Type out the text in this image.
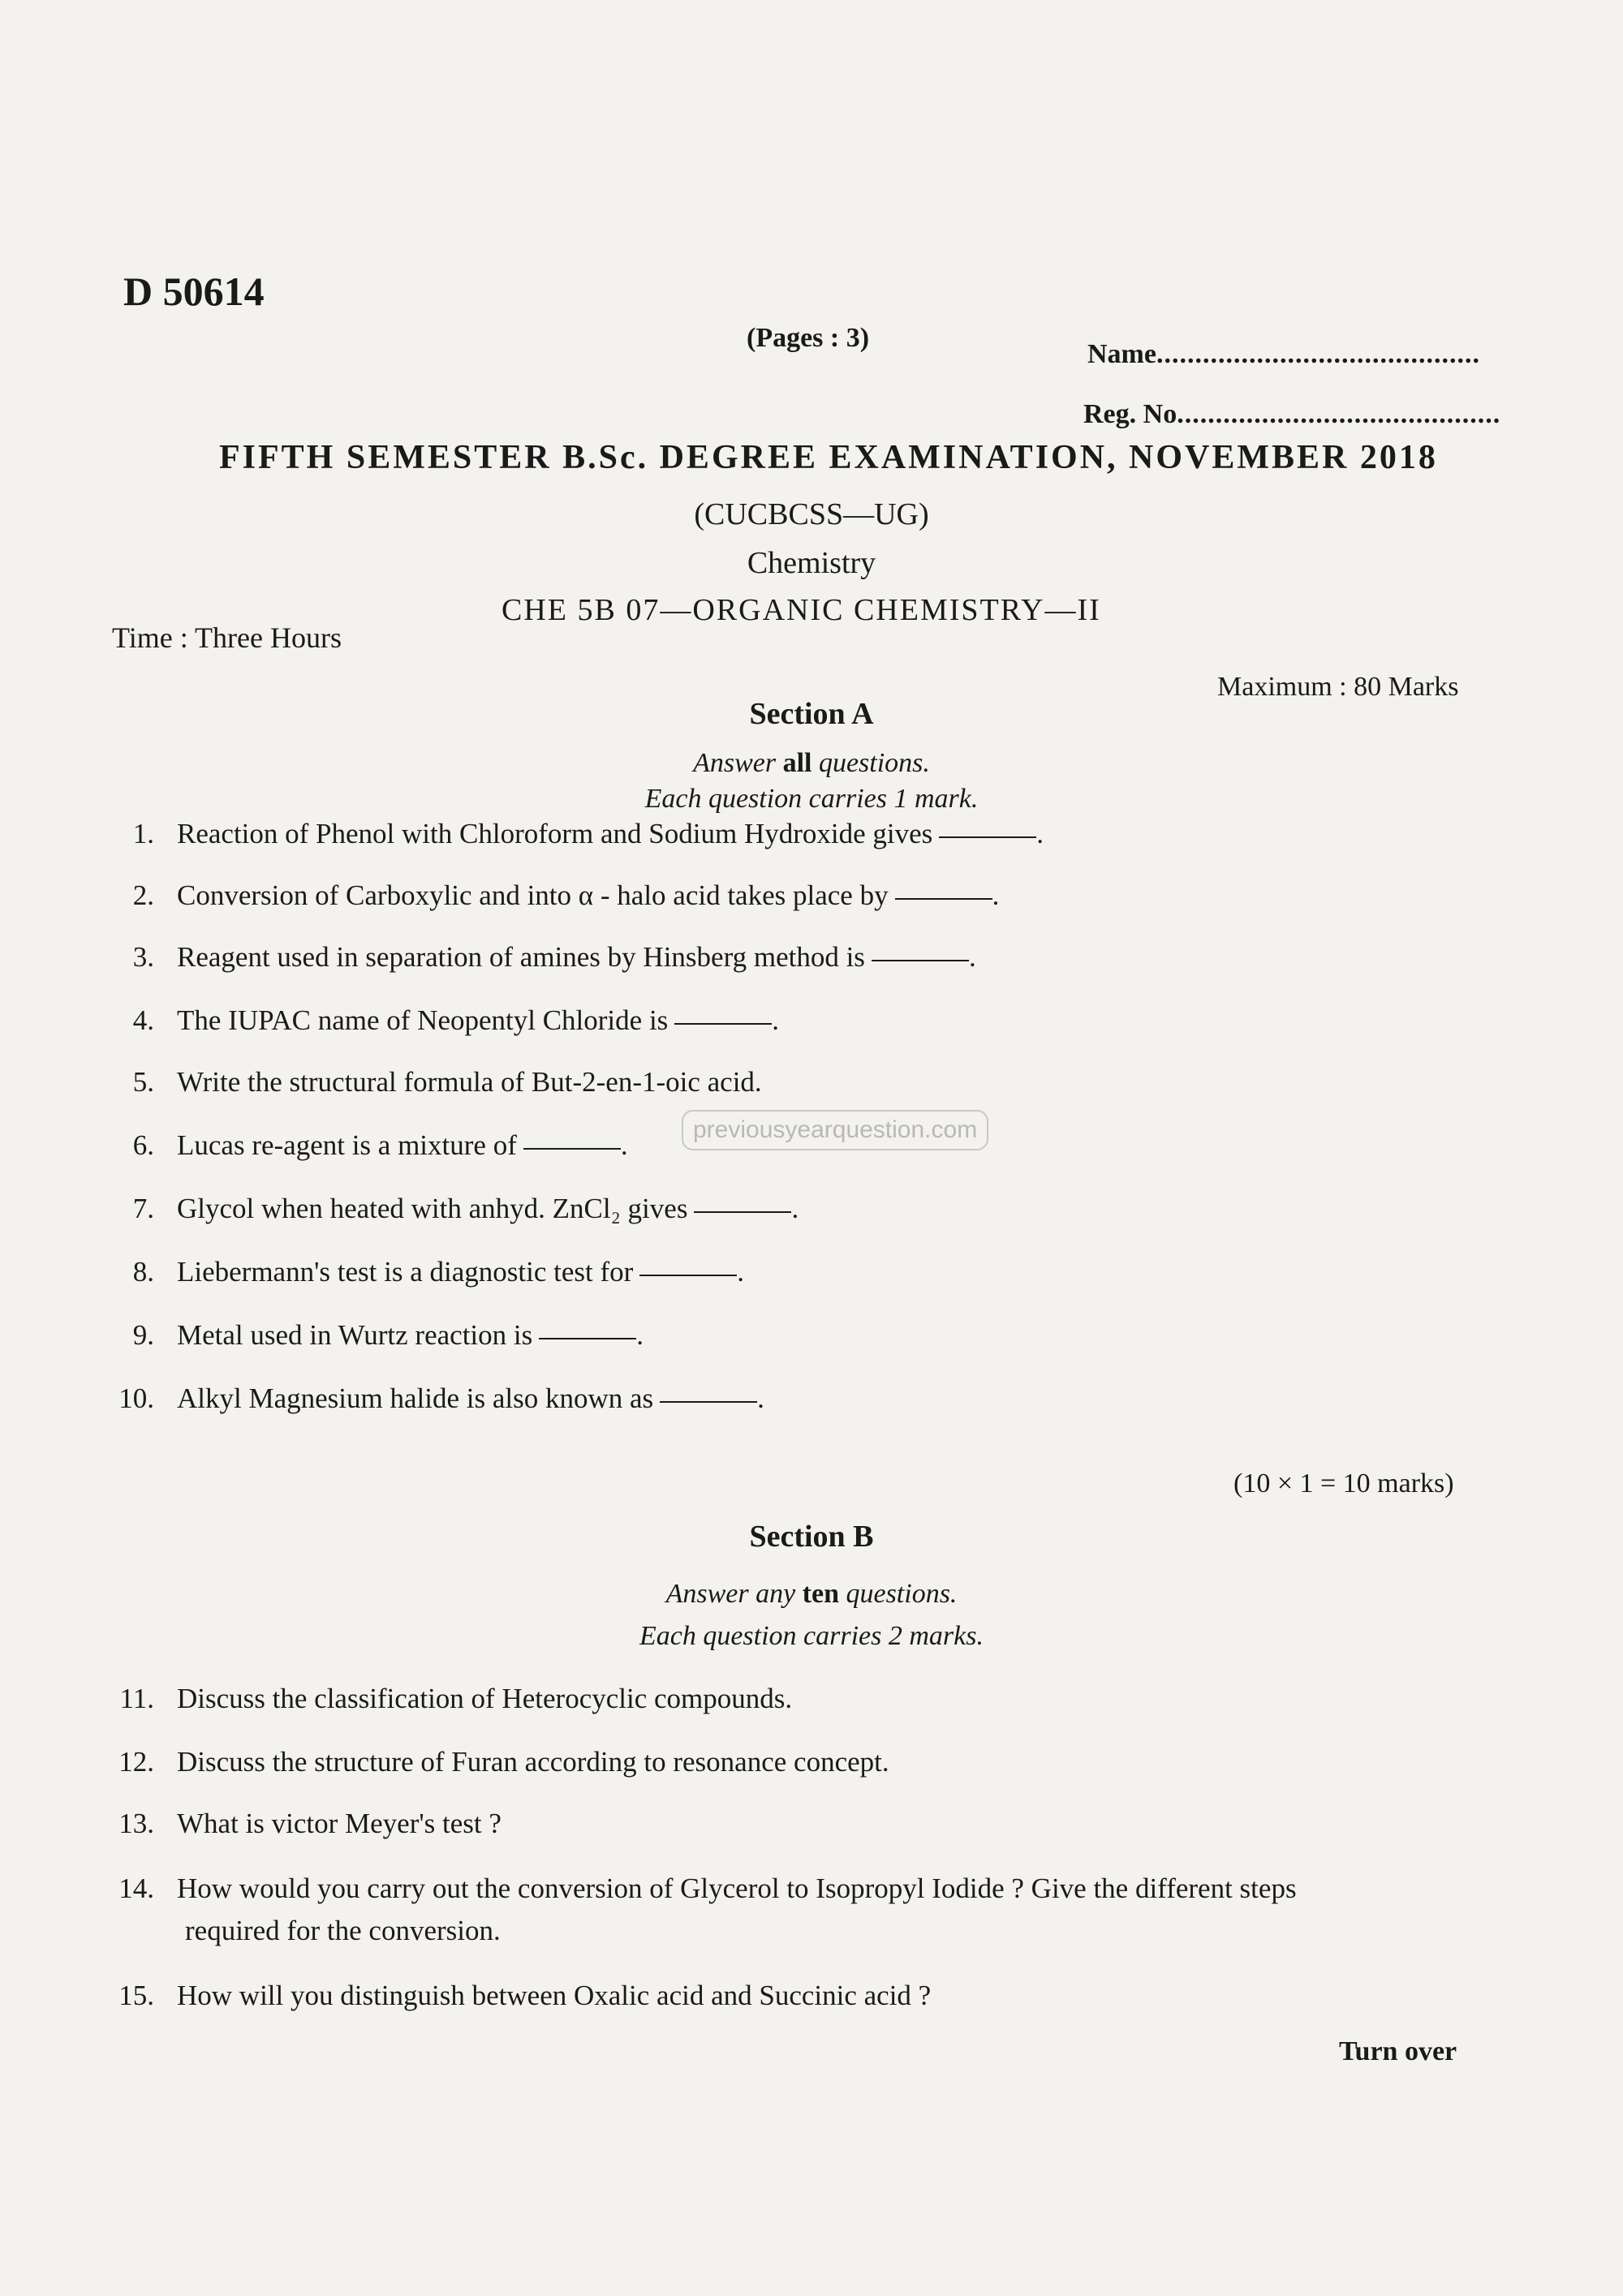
D 50614
(Pages : 3)
Name..........................................
Reg. No..........................................
FIFTH SEMESTER B.Sc. DEGREE EXAMINATION, NOVEMBER 2018
(CUCBCSS—UG)
Chemistry
CHE 5B 07—ORGANIC CHEMISTRY—II
Time : Three Hours
Maximum : 80 Marks
Section A
Answer all questions.
Each question carries 1 mark.
1. Reaction of Phenol with Chloroform and Sodium Hydroxide gives	.
2. Conversion of Carboxylic and into α - halo acid takes place by	.
3. Reagent used in separation of amines by Hinsberg method is	.
4. The IUPAC name of Neopentyl Chloride is	.
5. Write the structural formula of But-2-en-1-oic acid.
6. Lucas re-agent is a mixture of	.
7. Glycol when heated with anhyd. ZnCl₂ gives	.
8. Liebermann's test is a diagnostic test for	.
9. Metal used in Wurtz reaction is	.
10. Alkyl Magnesium halide is also known as	.
(10 × 1 = 10 marks)
Section B
Answer any ten questions.
Each question carries 2 marks.
11. Discuss the classification of Heterocyclic compounds.
12. Discuss the structure of Furan according to resonance concept.
13. What is victor Meyer's test ?
14. How would you carry out the conversion of Glycerol to Isopropyl Iodide ? Give the different steps
required for the conversion.
15. How will you distinguish between Oxalic acid and Succinic acid ?
Turn over
previousyearquestion.com
